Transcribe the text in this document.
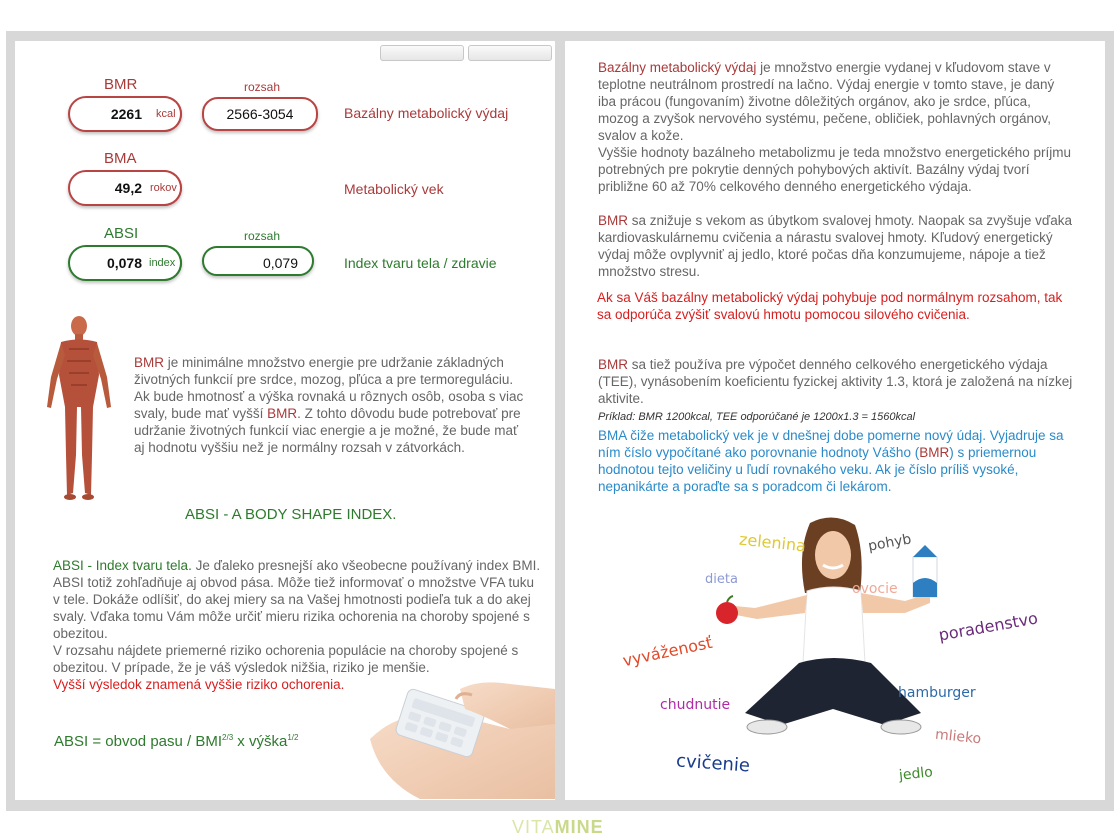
BMR	rozsah
2261 kcal	2566-3054	Bazálny metabolický výdaj
BMA
49,2 rokov	Metabolický vek
ABSI	rozsah
0,078 index	0,079	Index tvaru tela / zdravie
BMR je minimálne množstvo energie pre udržanie základných životných funkcií pre srdce, mozog, pľúca a pre termoreguláciu. Ak bude hmotnosť a výška rovnaká u rôznych osôb, osoba s viac svaly, bude mať vyšší BMR. Z tohto dôvodu bude potrebovať pre udržanie životných funkcií viac energie a je možné, že bude mať aj hodnotu vyššiu než je normálny rozsah v zátvorkách.
ABSI - A BODY SHAPE INDEX.
ABSI - Index tvaru tela. Je ďaleko presnejší ako všeobecne používaný index BMI. ABSI totiž zohľadňuje aj obvod pása. Môže tiež informovať o množstve VFA tuku v tele. Dokáže odlíšiť, do akej miery sa na Vašej hmotnosti podieľa tuk a do akej svaly. Vďaka tomu Vám môže určiť mieru rizika ochorenia na choroby spojené s obezitou.
V rozsahu nájdete priemerné riziko ochorenia populácie na choroby spojené s obezitou. V prípade, že je váš výsledok nižšia, riziko je menšie.
Vyšší výsledok znamená vyššie riziko ochorenia.
ABSI = obvod pasu / $BMI^{2/3}$ x výška$^{1/2}$
Bazálny metabolický výdaj je množstvo energie vydanej v kľudovom stave v teplotne neutrálnom prostredí na lačno. Výdaj energie v tomto stave, je daný iba prácou (fungovaním) životne dôležitých orgánov, ako je srdce, pľúca, mozog a zvyšok nervového systému, pečene, obličiek, pohlavných orgánov, svalov a kože.
Vyššie hodnoty bazálneho metabolizmu je teda množstvo energetického príjmu potrebných pre pokrytie denných pohybových aktivít. Bazálny výdaj tvorí približne 60 až 70% celkového denného energetického výdaja.
BMR sa znižuje s vekom as úbytkom svalovej hmoty. Naopak sa zvyšuje vďaka kardiovaskulárnemu cvičenia a nárastu svalovej hmoty. Kľudový energetický výdaj môže ovplyvniť aj jedlo, ktoré počas dňa konzumujeme, nápoje a tiež množstvo stresu.
Ak sa Váš bazálny metabolický výdaj pohybuje pod normálnym rozsahom, tak sa odporúča zvýšiť svalovú hmotu pomocou silového cvičenia.
BMR sa tiež používa pre výpočet denného celkového energetického výdaja (TEE), vynásobením koeficientu fyzickej aktivity 1.3, ktorá je založená na nízkej aktivite.
Príklad: BMR 1200kcal, TEE odporúčané je 1200x1.3 = 1560kcal
BMA čiže metabolický vek je v dnešnej dobe pomerne nový údaj. Vyjadruje sa ním číslo vypočítané ako porovnanie hodnoty Vášho (BMR) s priemernou hodnotou tejto veličiny u ľudí rovnakého veku. Ak je číslo príliš vysoké, nepanikárte a poraďte sa s poradcom či lekárom.
zelenina	pohyb
dieta
ovocie
poradenstvo
vyváženosť
chudnutie
hamburger
mlieko
cvičenie	jedlo
VITAMINE
